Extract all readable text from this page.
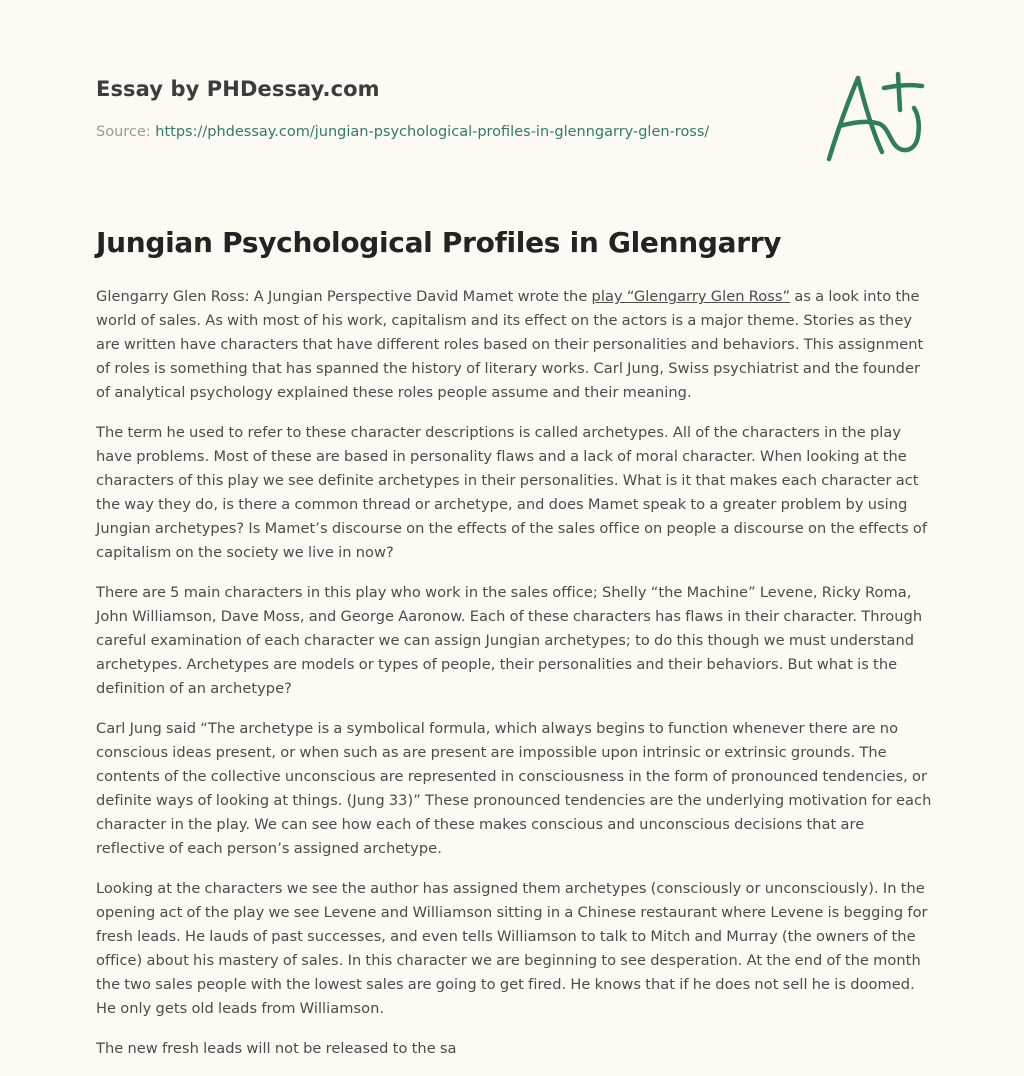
Essay by PHDessay.com

Source: https://phdessay.com/jungian-psychological-profiles-in-glenngarry-glen-ross/

Jungian Psychological Profiles in Glenngarry

Glengarry Glen Ross: A Jungian Perspective David Mamet wrote the play “Glengarry Glen Ross” as a look into the world of sales. As with most of his work, capitalism and its effect on the actors is a major theme. Stories as they are written have characters that have different roles based on their personalities and behaviors. This assignment of roles is something that has spanned the history of literary works. Carl Jung, Swiss psychiatrist and the founder of analytical psychology explained these roles people assume and their meaning.

The term he used to refer to these character descriptions is called archetypes. All of the characters in the play have problems. Most of these are based in personality flaws and a lack of moral character. When looking at the characters of this play we see definite archetypes in their personalities. What is it that makes each character act the way they do, is there a common thread or archetype, and does Mamet speak to a greater problem by using Jungian archetypes? Is Mamet’s discourse on the effects of the sales office on people a discourse on the effects of capitalism on the society we live in now?

There are 5 main characters in this play who work in the sales office; Shelly “the Machine” Levene, Ricky Roma, John Williamson, Dave Moss, and George Aaronow. Each of these characters has flaws in their character. Through careful examination of each character we can assign Jungian archetypes; to do this though we must understand archetypes. Archetypes are models or types of people, their personalities and their behaviors. But what is the definition of an archetype?

Carl Jung said “The archetype is a symbolical formula, which always begins to function whenever there are no conscious ideas present, or when such as are present are impossible upon intrinsic or extrinsic grounds. The contents of the collective unconscious are represented in consciousness in the form of pronounced tendencies, or definite ways of looking at things. (Jung 33)” These pronounced tendencies are the underlying motivation for each character in the play. We can see how each of these makes conscious and unconscious decisions that are reflective of each person’s assigned archetype.

Looking at the characters we see the author has assigned them archetypes (consciously or unconsciously). In the opening act of the play we see Levene and Williamson sitting in a Chinese restaurant where Levene is begging for fresh leads. He lauds of past successes, and even tells Williamson to talk to Mitch and Murray (the owners of the office) about his mastery of sales. In this character we are beginning to see desperation. At the end of the month the two sales people with the lowest sales are going to get fired. He knows that if he does not sell he is doomed. He only gets old leads from Williamson.

The new fresh leads will not be released to the sa
